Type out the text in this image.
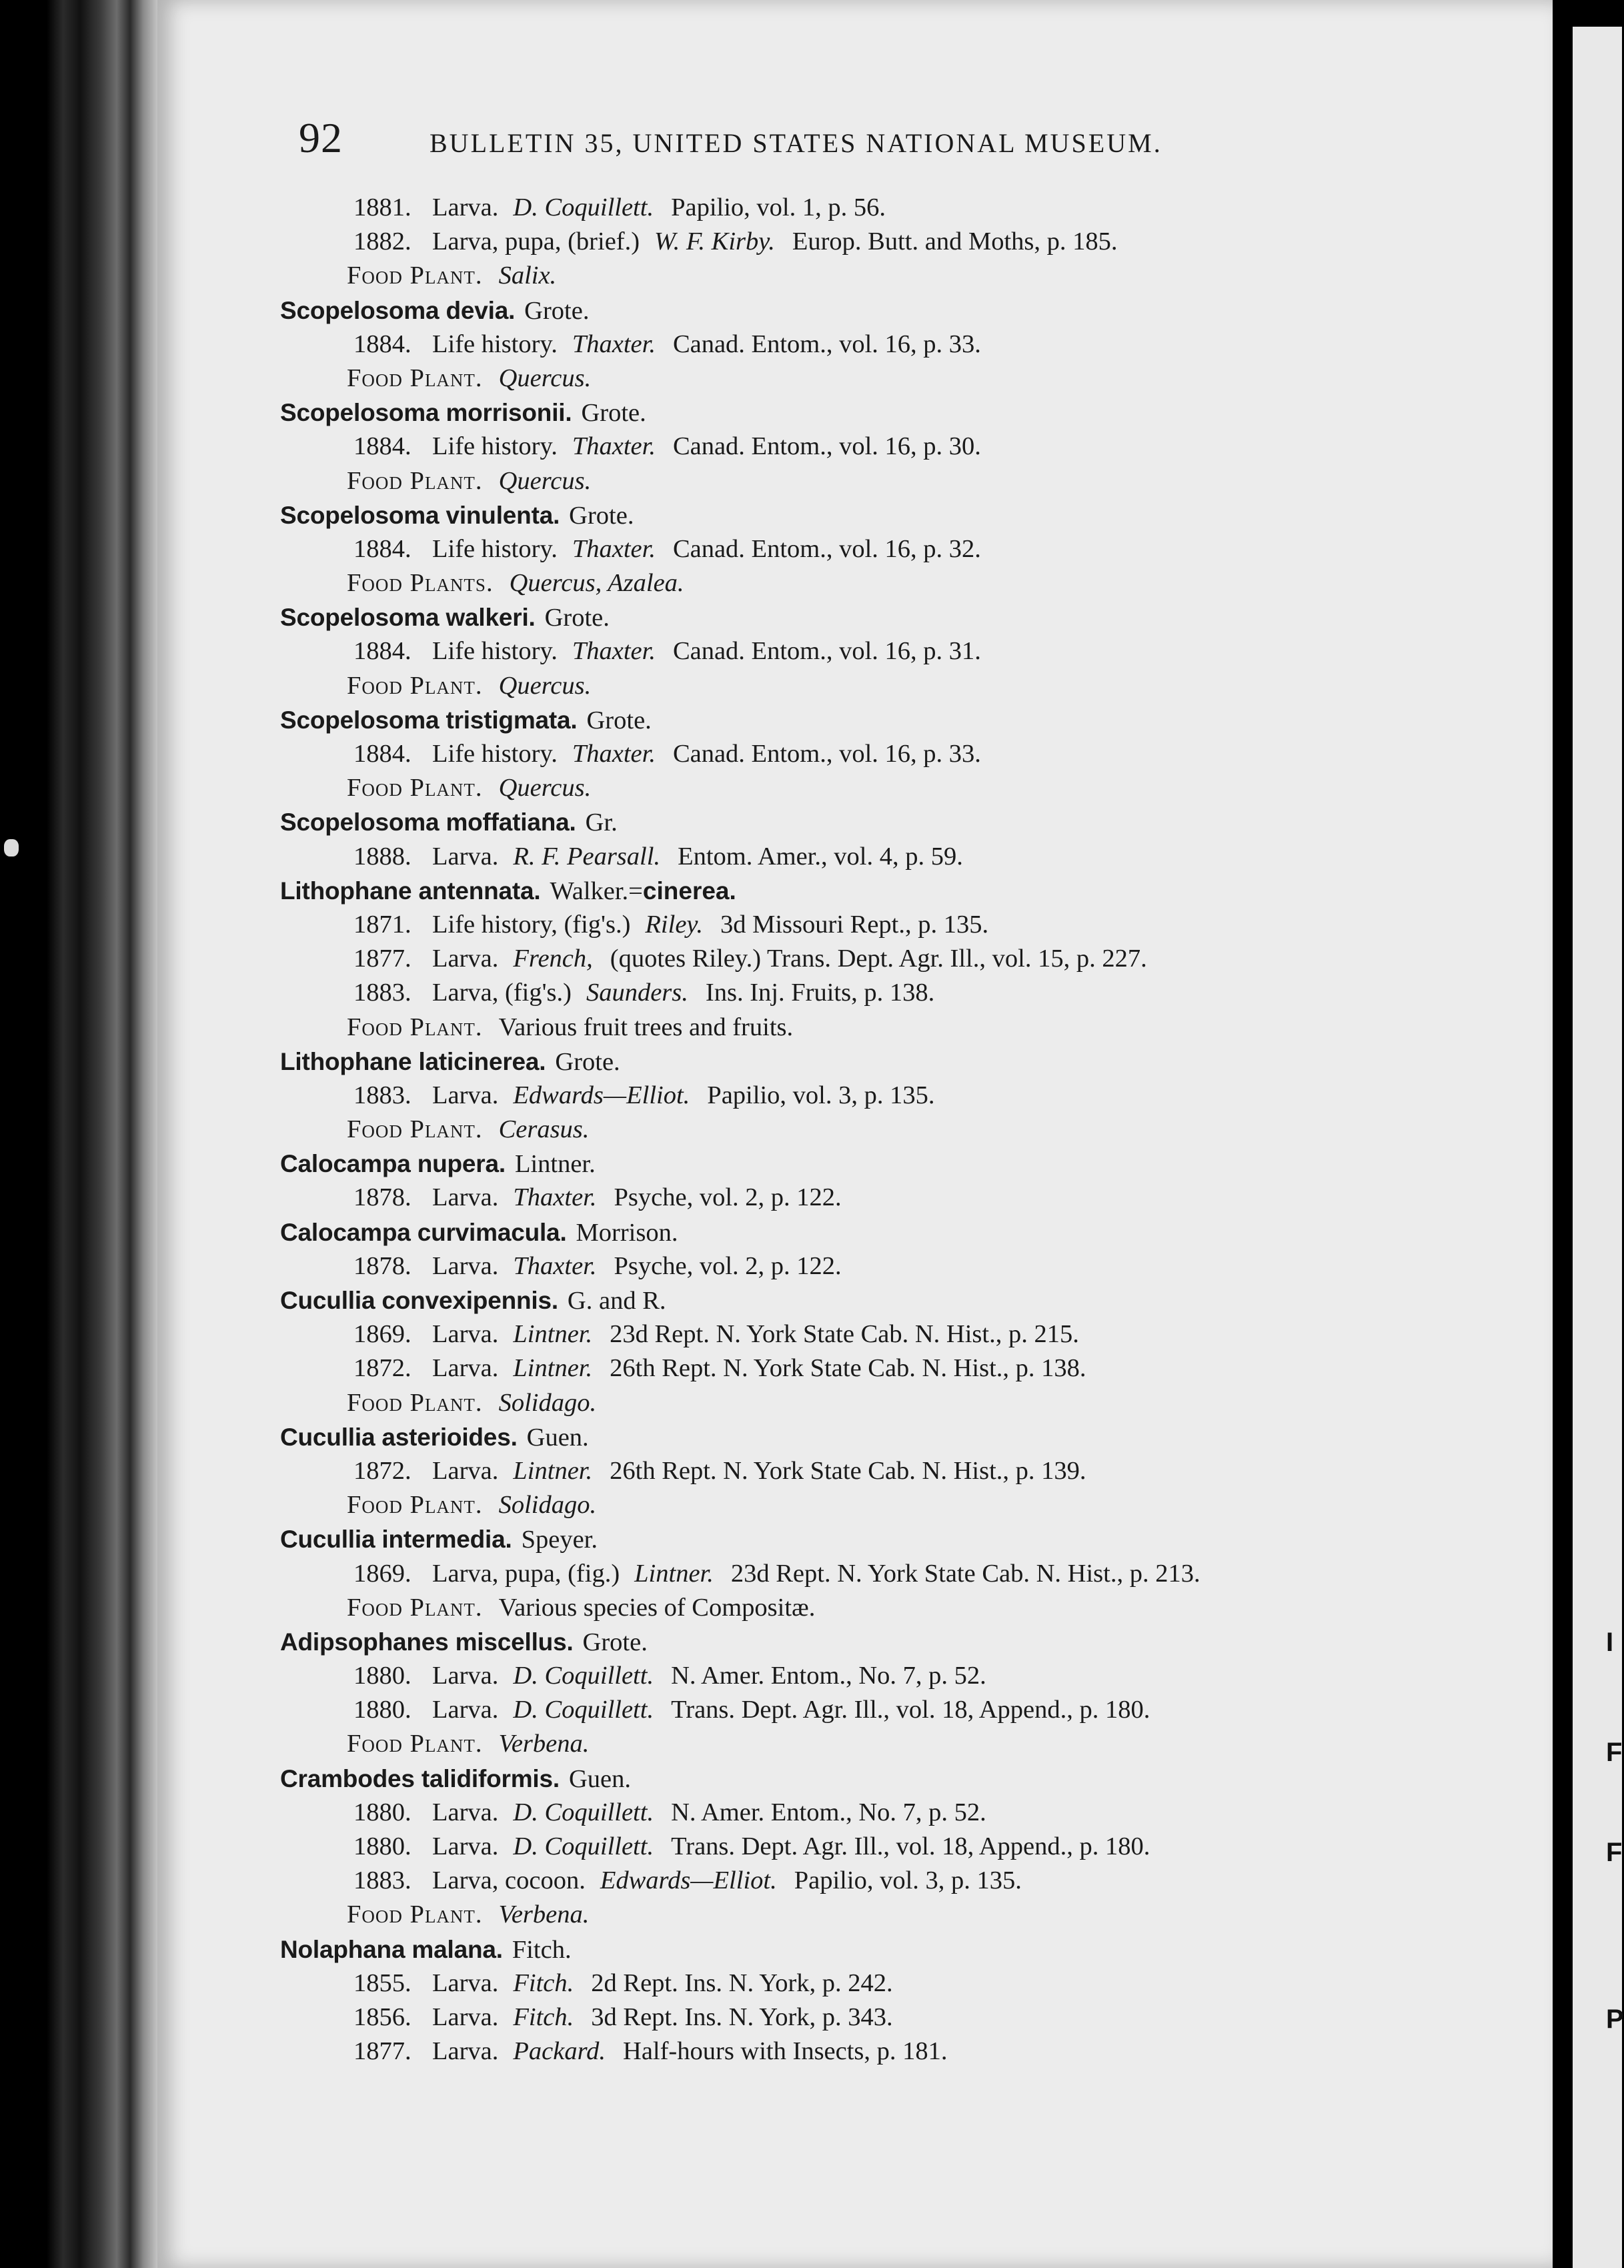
I
F
F
P
92	BULLETIN 35, UNITED STATES NATIONAL MUSEUM.
1881. Larva. D. Coquillett. Papilio, vol. 1, p. 56.
1882. Larva, pupa, (brief.) W. F. Kirby. Europ. Butt. and Moths, p. 185.
Food Plant. Salix.
Scopelosoma devia. Grote.
1884. Life history. Thaxter. Canad. Entom., vol. 16, p. 33.
Food Plant. Quercus.
Scopelosoma morrisonii. Grote.
1884. Life history. Thaxter. Canad. Entom., vol. 16, p. 30.
Food Plant. Quercus.
Scopelosoma vinulenta. Grote.
1884. Life history. Thaxter. Canad. Entom., vol. 16, p. 32.
Food Plants. Quercus, Azalea.
Scopelosoma walkeri. Grote.
1884. Life history. Thaxter. Canad. Entom., vol. 16, p. 31.
Food Plant. Quercus.
Scopelosoma tristigmata. Grote.
1884. Life history. Thaxter. Canad. Entom., vol. 16, p. 33.
Food Plant. Quercus.
Scopelosoma moffatiana. Gr.
1888. Larva. R. F. Pearsall. Entom. Amer., vol. 4, p. 59.
Lithophane antennata. Walker.=cinerea.
1871. Life history, (fig's.) Riley. 3d Missouri Rept., p. 135.
1877. Larva. French, (quotes Riley.) Trans. Dept. Agr. Ill., vol. 15, p. 227.
1883. Larva, (fig's.) Saunders. Ins. Inj. Fruits, p. 138.
Food Plant. Various fruit trees and fruits.
Lithophane laticinerea. Grote.
1883. Larva. Edwards—Elliot. Papilio, vol. 3, p. 135.
Food Plant. Cerasus.
Calocampa nupera. Lintner.
1878. Larva. Thaxter. Psyche, vol. 2, p. 122.
Calocampa curvimacula. Morrison.
1878. Larva. Thaxter. Psyche, vol. 2, p. 122.
Cucullia convexipennis. G. and R.
1869. Larva. Lintner. 23d Rept. N. York State Cab. N. Hist., p. 215.
1872. Larva. Lintner. 26th Rept. N. York State Cab. N. Hist., p. 138.
Food Plant. Solidago.
Cucullia asterioides. Guen.
1872. Larva. Lintner. 26th Rept. N. York State Cab. N. Hist., p. 139.
Food Plant. Solidago.
Cucullia intermedia. Speyer.
1869. Larva, pupa, (fig.) Lintner. 23d Rept. N. York State Cab. N. Hist., p. 213.
Food Plant. Various species of Compositæ.
Adipsophanes miscellus. Grote.
1880. Larva. D. Coquillett. N. Amer. Entom., No. 7, p. 52.
1880. Larva. D. Coquillett. Trans. Dept. Agr. Ill., vol. 18, Append., p. 180.
Food Plant. Verbena.
Crambodes talidiformis. Guen.
1880. Larva. D. Coquillett. N. Amer. Entom., No. 7, p. 52.
1880. Larva. D. Coquillett. Trans. Dept. Agr. Ill., vol. 18, Append., p. 180.
1883. Larva, cocoon. Edwards—Elliot. Papilio, vol. 3, p. 135.
Food Plant. Verbena.
Nolaphana malana. Fitch.
1855. Larva. Fitch. 2d Rept. Ins. N. York, p. 242.
1856. Larva. Fitch. 3d Rept. Ins. N. York, p. 343.
1877. Larva. Packard. Half-hours with Insects, p. 181.
